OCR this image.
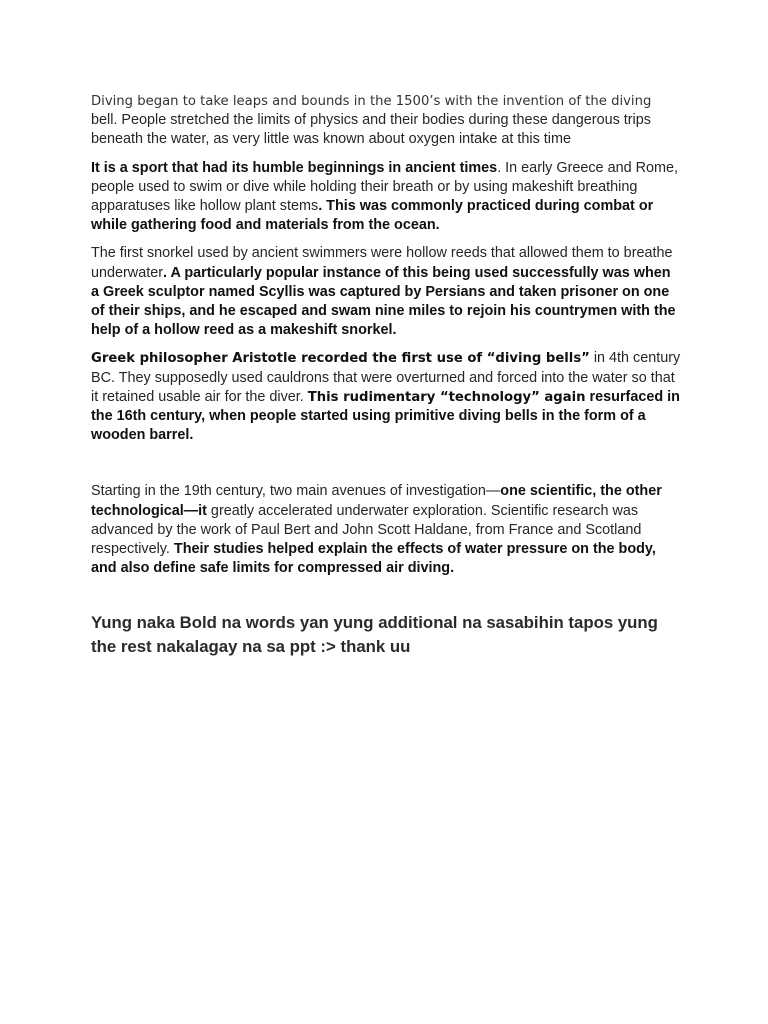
Diving began to take leaps and bounds in the 1500’s with the invention of the diving bell. People stretched the limits of physics and their bodies during these dangerous trips beneath the water, as very little was known about oxygen intake at this time

It is a sport that had its humble beginnings in ancient times. In early Greece and Rome, people used to swim or dive while holding their breath or by using makeshift breathing apparatuses like hollow plant stems. This was commonly practiced during combat or while gathering food and materials from the ocean.

The first snorkel used by ancient swimmers were hollow reeds that allowed them to breathe underwater. A particularly popular instance of this being used successfully was when a Greek sculptor named Scyllis was captured by Persians and taken prisoner on one of their ships, and he escaped and swam nine miles to rejoin his countrymen with the help of a hollow reed as a makeshift snorkel.

Greek philosopher Aristotle recorded the first use of “diving bells” in 4th century BC. They supposedly used cauldrons that were overturned and forced into the water so that it retained usable air for the diver. This rudimentary “technology” again resurfaced in the 16th century, when people started using primitive diving bells in the form of a wooden barrel.

Starting in the 19th century, two main avenues of investigation—one scientific, the other technological—it greatly accelerated underwater exploration. Scientific research was advanced by the work of Paul Bert and John Scott Haldane, from France and Scotland respectively. Their studies helped explain the effects of water pressure on the body, and also define safe limits for compressed air diving.

Yung naka Bold na words yan yung additional na sasabihin tapos yung the rest nakalagay na sa ppt :> thank uu
